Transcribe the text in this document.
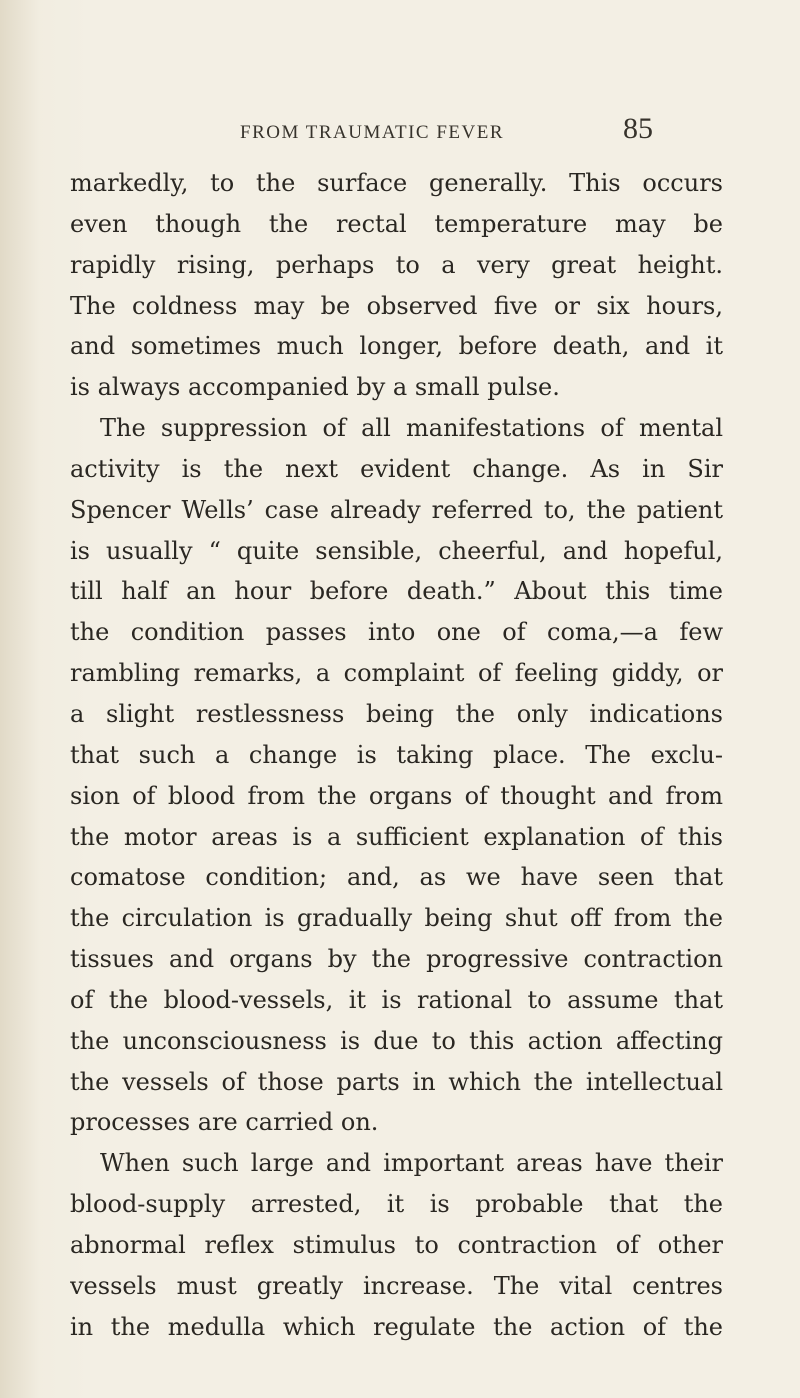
FROM TRAUMATIC FEVER	85
markedly, to the surface generally. This occurs
even though the rectal temperature may be
rapidly rising, perhaps to a very great height.
The coldness may be observed five or six hours,
and sometimes much longer, before death, and it
is always accompanied by a small pulse.
The suppression of all manifestations of mental
activity is the next evident change. As in Sir
Spencer Wells’ case already referred to, the patient
is usually “ quite sensible, cheerful, and hopeful,
till half an hour before death.” About this time
the condition passes into one of coma,—a few
rambling remarks, a complaint of feeling giddy, or
a slight restlessness being the only indications
that such a change is taking place. The exclu-
sion of blood from the organs of thought and from
the motor areas is a sufficient explanation of this
comatose condition; and, as we have seen that
the circulation is gradually being shut off from the
tissues and organs by the progressive contraction
of the blood-vessels, it is rational to assume that
the unconsciousness is due to this action affecting
the vessels of those parts in which the intellectual
processes are carried on.
When such large and important areas have their
blood-supply arrested, it is probable that the
abnormal reflex stimulus to contraction of other
vessels must greatly increase. The vital centres
in the medulla which regulate the action of the
